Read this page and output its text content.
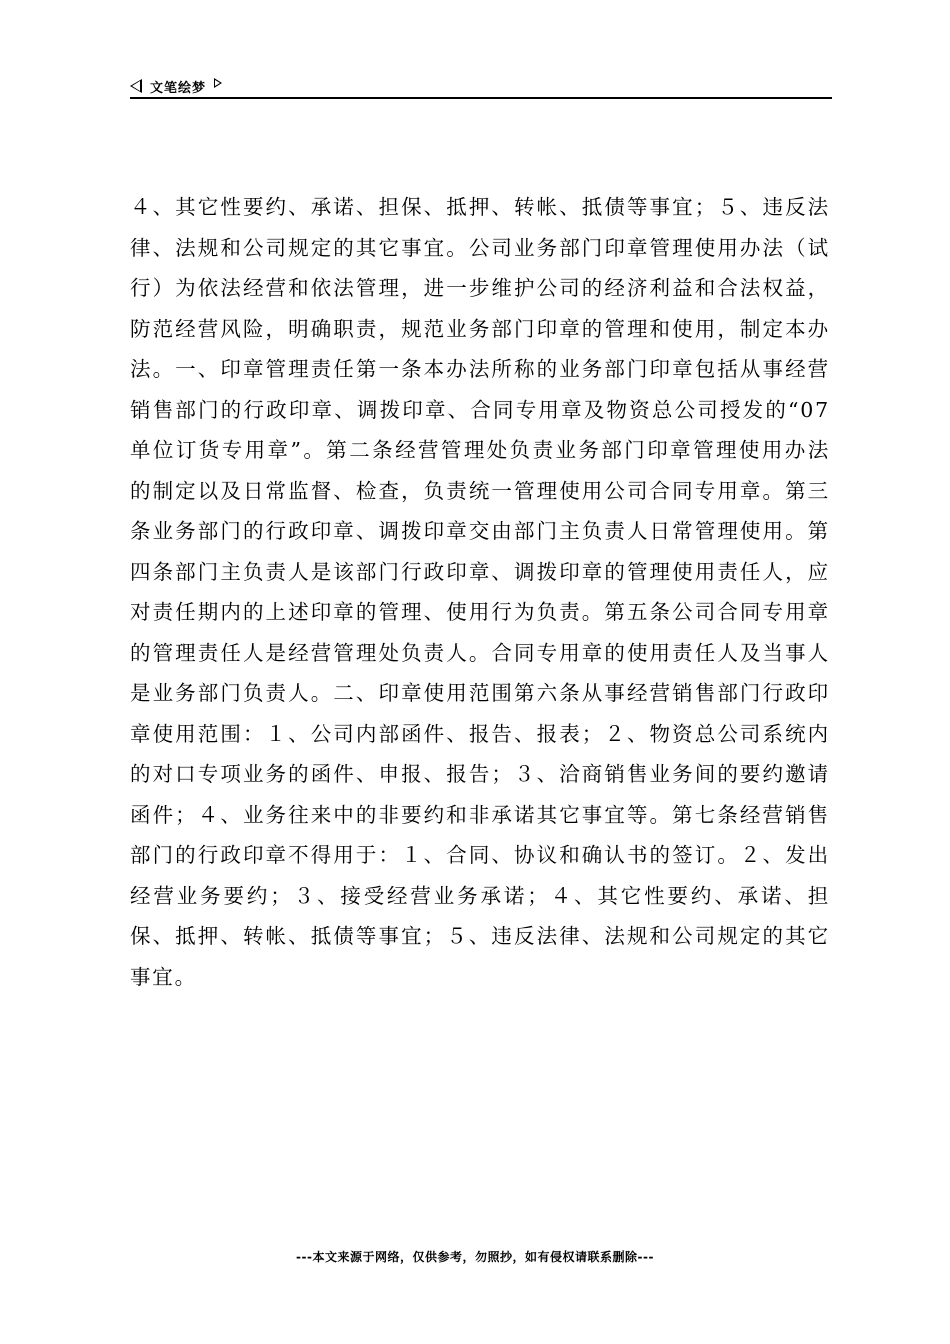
文笔绘梦

４、其它性要约、承诺、担保、抵押、转帐、抵债等事宜；５、违反法律、法规和公司规定的其它事宜。公司业务部门印章管理使用办法（试行）为依法经营和依法管理，进一步维护公司的经济利益和合法权益，防范经营风险，明确职责，规范业务部门印章的管理和使用，制定本办法。一、印章管理责任第一条本办法所称的业务部门印章包括从事经营销售部门的行政印章、调拨印章、合同专用章及物资总公司授发的“07单位订货专用章”。第二条经营管理处负责业务部门印章管理使用办法的制定以及日常监督、检查，负责统一管理使用公司合同专用章。第三条业务部门的行政印章、调拨印章交由部门主负责人日常管理使用。第四条部门主负责人是该部门行政印章、调拨印章的管理使用责任人，应对责任期内的上述印章的管理、使用行为负责。第五条公司合同专用章的管理责任人是经营管理处负责人。合同专用章的使用责任人及当事人是业务部门负责人。二、印章使用范围第六条从事经营销售部门行政印章使用范围：１、公司内部函件、报告、报表；２、物资总公司系统内的对口专项业务的函件、申报、报告；３、洽商销售业务间的要约邀请函件；４、业务往来中的非要约和非承诺其它事宜等。第七条经营销售部门的行政印章不得用于：１、合同、协议和确认书的签订。２、发出经营业务要约；３、接受经营业务承诺；４、其它性要约、承诺、担保、抵押、转帐、抵债等事宜；５、违反法律、法规和公司规定的其它事宜。

---本文来源于网络，仅供参考，勿照抄，如有侵权请联系删除---
